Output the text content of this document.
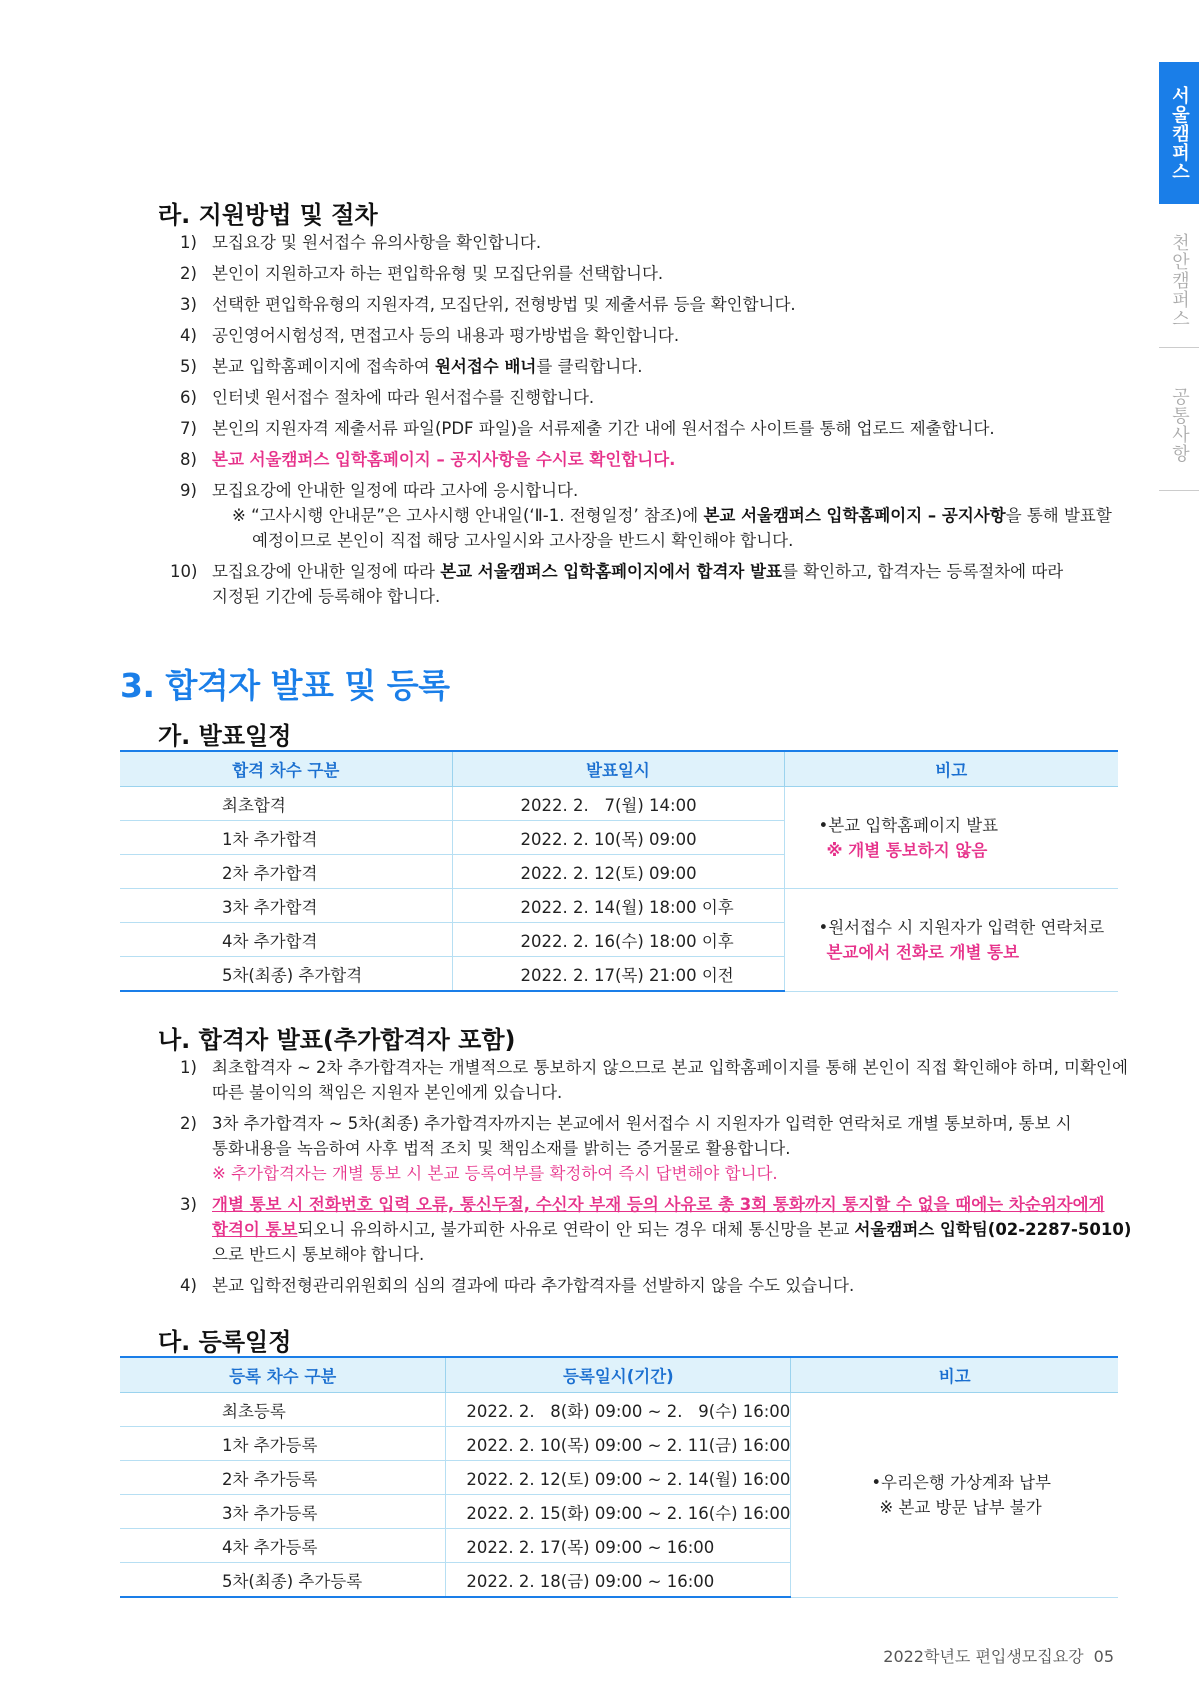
서울캠퍼스
천안캠퍼스
공통사항
라. 지원방법 및 절차
1) 모집요강 및 원서접수 유의사항을 확인합니다.
2) 본인이 지원하고자 하는 편입학유형 및 모집단위를 선택합니다.
3) 선택한 편입학유형의 지원자격, 모집단위, 전형방법 및 제출서류 등을 확인합니다.
4) 공인영어시험성적, 면접고사 등의 내용과 평가방법을 확인합니다.
5) 본교 입학홈페이지에 접속하여 원서접수 배너를 클릭합니다.
6) 인터넷 원서접수 절차에 따라 원서접수를 진행합니다.
7) 본인의 지원자격 제출서류 파일(PDF 파일)을 서류제출 기간 내에 원서접수 사이트를 통해 업로드 제출합니다.
8) 본교 서울캠퍼스 입학홈페이지 – 공지사항을 수시로 확인합니다.
9) 모집요강에 안내한 일정에 따라 고사에 응시합니다.
※ “고사시행 안내문”은 고사시행 안내일(‘Ⅱ-1. 전형일정’ 참조)에 본교 서울캠퍼스 입학홈페이지 – 공지사항을 통해 발표할
예정이므로 본인이 직접 해당 고사일시와 고사장을 반드시 확인해야 합니다.
10) 모집요강에 안내한 일정에 따라 본교 서울캠퍼스 입학홈페이지에서 합격자 발표를 확인하고, 합격자는 등록절차에 따라
지정된 기간에 등록해야 합니다.
3. 합격자 발표 및 등록
가. 발표일정
합격 차수 구분	발표일시	비고
최초합격	2022. 2.   7(월) 14:00	•본교 입학홈페이지 발표
※ 개별 통보하지 않음

1차 추가합격	2022. 2. 10(목) 09:00	
2차 추가합격	2022. 2. 12(토) 09:00	
3차 추가합격	2022. 2. 14(월) 18:00 이후	•원서접수 시 지원자가 입력한 연락처로
본교에서 전화로 개별 통보

4차 추가합격	2022. 2. 16(수) 18:00 이후	
5차(최종) 추가합격	2022. 2. 17(목) 21:00 이전	
나. 합격자 발표(추가합격자 포함)
1) 최초합격자 ~ 2차 추가합격자는 개별적으로 통보하지 않으므로 본교 입학홈페이지를 통해 본인이 직접 확인해야 하며, 미확인에
따른 불이익의 책임은 지원자 본인에게 있습니다.
2) 3차 추가합격자 ~ 5차(최종) 추가합격자까지는 본교에서 원서접수 시 지원자가 입력한 연락처로 개별 통보하며, 통보 시
통화내용을 녹음하여 사후 법적 조치 및 책임소재를 밝히는 증거물로 활용합니다.
※ 추가합격자는 개별 통보 시 본교 등록여부를 확정하여 즉시 답변해야 합니다.
3) 개별 통보 시 전화번호 입력 오류, 통신두절, 수신자 부재 등의 사유로 총 3회 통화까지 통지할 수 없을 때에는 차순위자에게
합격이 통보되오니 유의하시고, 불가피한 사유로 연락이 안 되는 경우 대체 통신망을 본교 서울캠퍼스 입학팀(02-2287-5010)
으로 반드시 통보해야 합니다.
4) 본교 입학전형관리위원회의 심의 결과에 따라 추가합격자를 선발하지 않을 수도 있습니다.
다. 등록일정
등록 차수 구분	등록일시(기간)	비고
최초등록	2022. 2.   8(화) 09:00 ~ 2.   9(수) 16:00	•우리은행 가상계좌 납부
※ 본교 방문 납부 불가

1차 추가등록	2022. 2. 10(목) 09:00 ~ 2. 11(금) 16:00	
2차 추가등록	2022. 2. 12(토) 09:00 ~ 2. 14(월) 16:00	
3차 추가등록	2022. 2. 15(화) 09:00 ~ 2. 16(수) 16:00	
4차 추가등록	2022. 2. 17(목) 09:00 ~ 16:00	
5차(최종) 추가등록	2022. 2. 18(금) 09:00 ~ 16:00	
2022학년도 편입생모집요강 05
